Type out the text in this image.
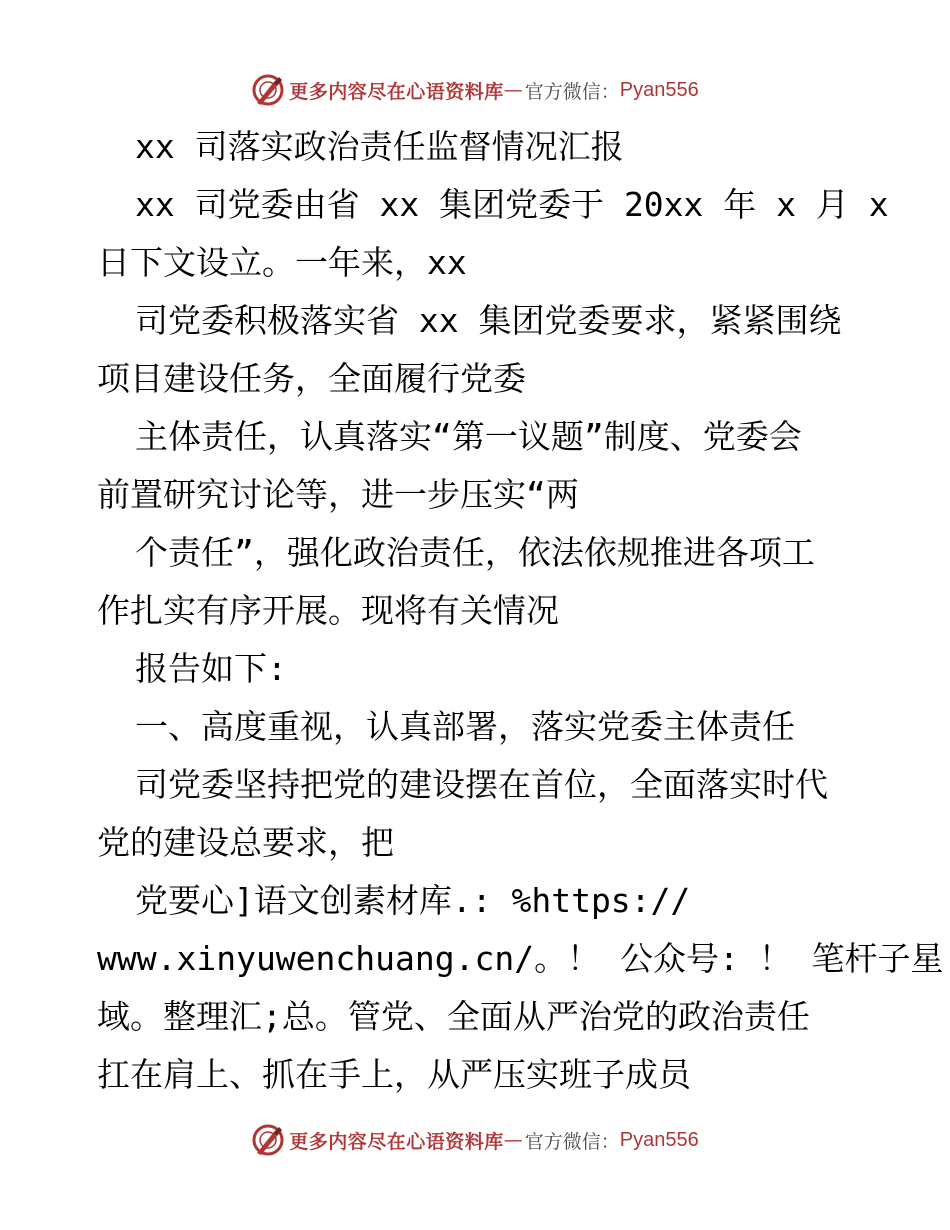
更多内容尽在心语资料库 — 官方微信： Pyan556

xx 司落实政治责任监督情况汇报

xx 司党委由省 xx 集团党委于 20xx 年 x 月 x

日下文设立。一年来，xx

司党委积极落实省 xx 集团党委要求，紧紧围绕

项目建设任务，全面履行党委

主体责任，认真落实“第一议题”制度、党委会

前置研究讨论等，进一步压实“两

个责任”，强化政治责任，依法依规推进各项工

作扎实有序开展。现将有关情况

报告如下:

一、高度重视，认真部署，落实党委主体责任

司党委坚持把党的建设摆在首位，全面落实时代

党的建设总要求，把

党要心]语文创素材库.: %https://

www.xinyuwenchuang.cn/。！ 公众号: ！ 笔杆子星

域。整理汇;总。管党、全面从严治党的政治责任

扛在肩上、抓在手上，从严压实班子成员

更多内容尽在心语资料库 — 官方微信： Pyan556
